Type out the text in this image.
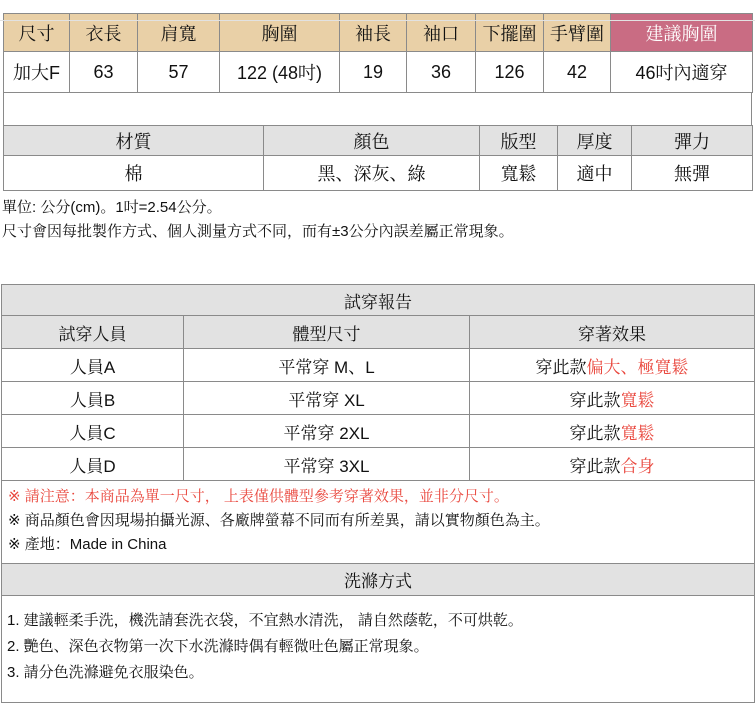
尺寸	衣長	肩寬	胸圍	袖長	袖口	下擺圍	手臂圍	建議胸圍
加大F	63	57	122 (48吋)	19	36	126	42	46吋內適穿
材質	顏色	版型	厚度	彈力
棉	黑、深灰、綠	寬鬆	適中	無彈
單位: 公分(cm)。1吋=2.54公分。
尺寸會因每批製作方式、個人測量方式不同，而有±3公分內誤差屬正常現象。
試穿報告		
試穿人員	體型尺寸	穿著效果
人員A	平常穿 M、L	穿此款偏大、極寬鬆
人員B	平常穿 XL	穿此款寬鬆
人員C	平常穿 2XL	穿此款寬鬆
人員D	平常穿 3XL	穿此款合身

※ 請注意：本商品為單一尺寸， 上表僅供體型參考穿著效果，並非分尺寸。
※ 商品顏色會因現場拍攝光源、各廠牌螢幕不同而有所差異，請以實物顏色為主。
※ 產地：Made in China		

洗滌方式		

1. 建議輕柔手洗，機洗請套洗衣袋，不宜熱水清洗， 請自然蔭乾，不可烘乾。
2. 艷色、深色衣物第一次下水洗滌時偶有輕微吐色屬正常現象。
3. 請分色洗滌避免衣服染色。		
